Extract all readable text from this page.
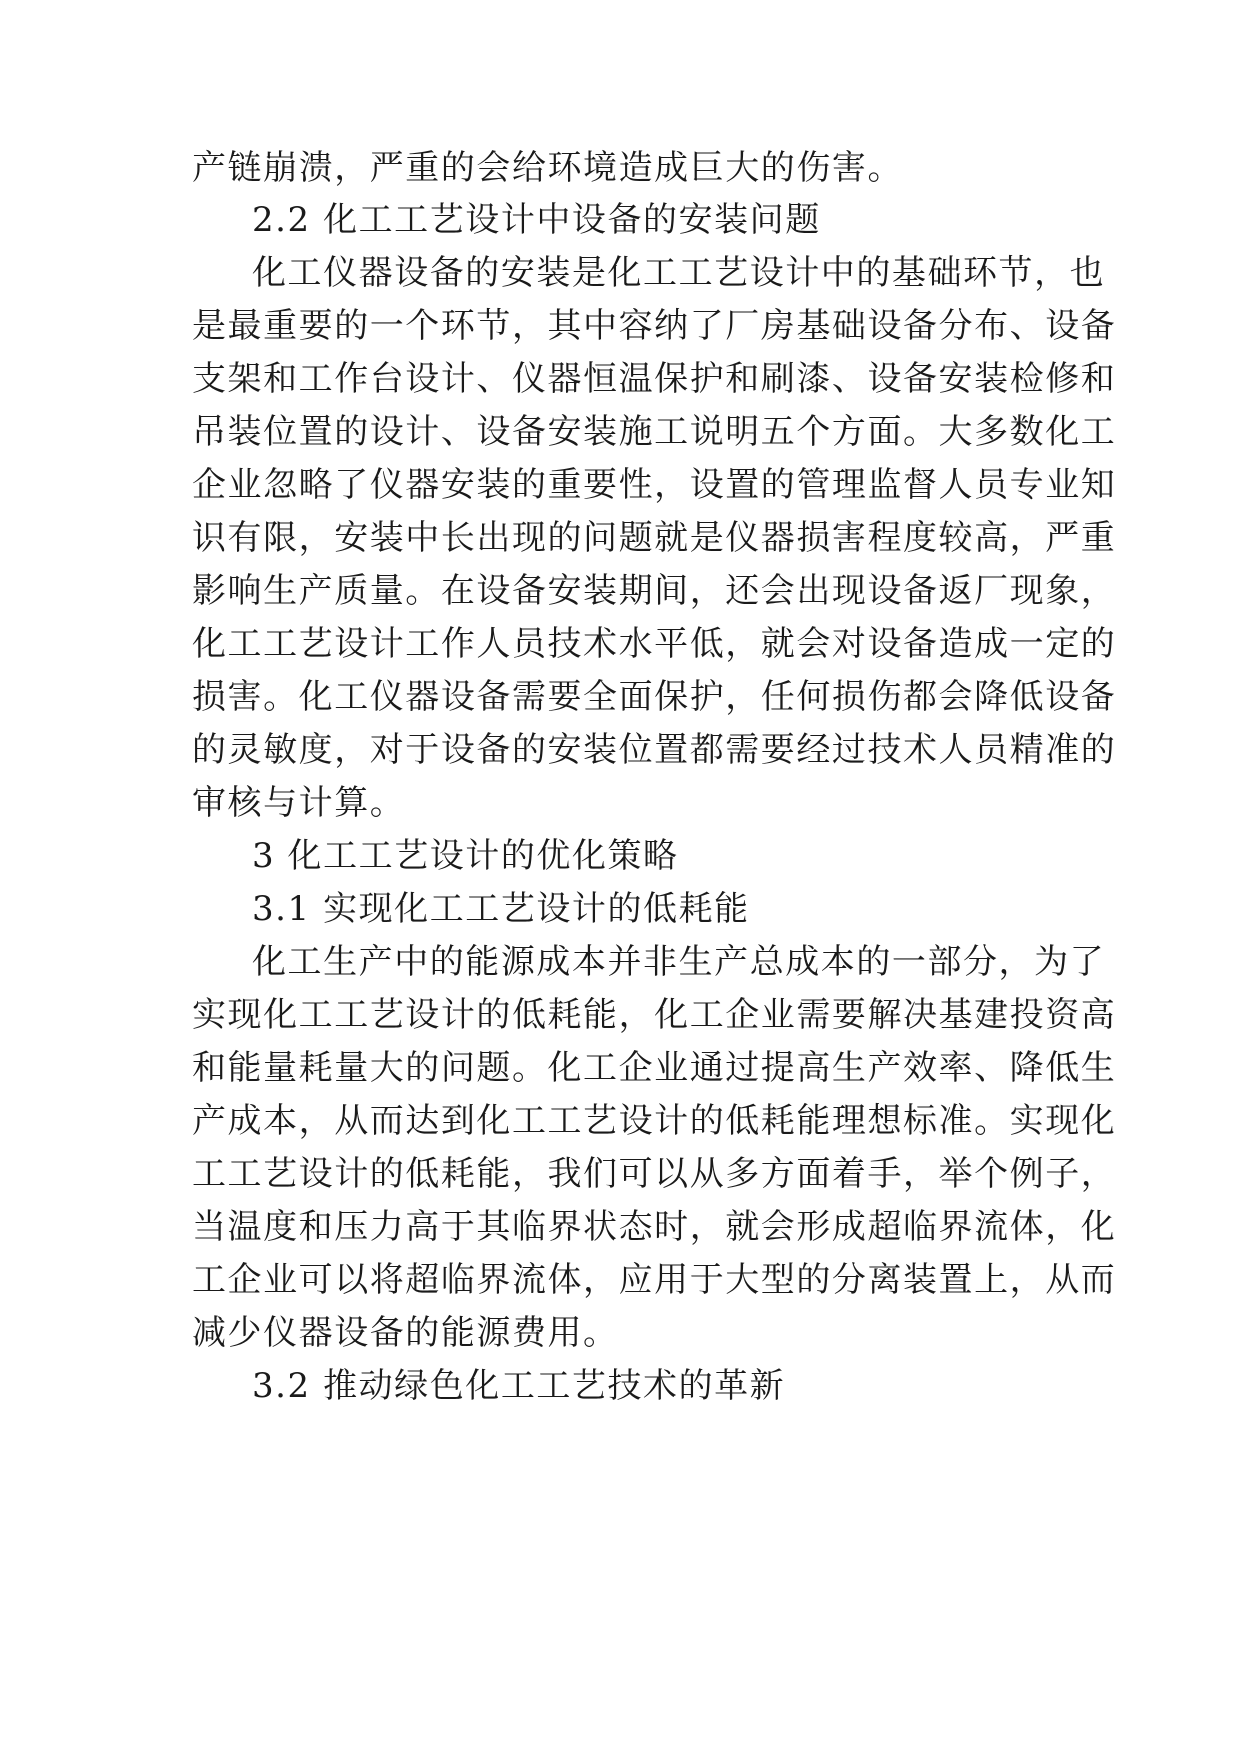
产链崩溃，严重的会给环境造成巨大的伤害。
2.2 化工工艺设计中设备的安装问题
化工仪器设备的安装是化工工艺设计中的基础环节，也
是最重要的一个环节，其中容纳了厂房基础设备分布、设备
支架和工作台设计、仪器恒温保护和刷漆、设备安装检修和
吊装位置的设计、设备安装施工说明五个方面。大多数化工
企业忽略了仪器安装的重要性，设置的管理监督人员专业知
识有限，安装中长出现的问题就是仪器损害程度较高，严重
影响生产质量。在设备安装期间，还会出现设备返厂现象，
化工工艺设计工作人员技术水平低，就会对设备造成一定的
损害。化工仪器设备需要全面保护，任何损伤都会降低设备
的灵敏度，对于设备的安装位置都需要经过技术人员精准的
审核与计算。
3 化工工艺设计的优化策略
3.1 实现化工工艺设计的低耗能
化工生产中的能源成本并非生产总成本的一部分，为了
实现化工工艺设计的低耗能，化工企业需要解决基建投资高
和能量耗量大的问题。化工企业通过提高生产效率、降低生
产成本，从而达到化工工艺设计的低耗能理想标准。实现化
工工艺设计的低耗能，我们可以从多方面着手，举个例子，
当温度和压力高于其临界状态时，就会形成超临界流体，化
工企业可以将超临界流体，应用于大型的分离装置上，从而
减少仪器设备的能源费用。
3.2 推动绿色化工工艺技术的革新
